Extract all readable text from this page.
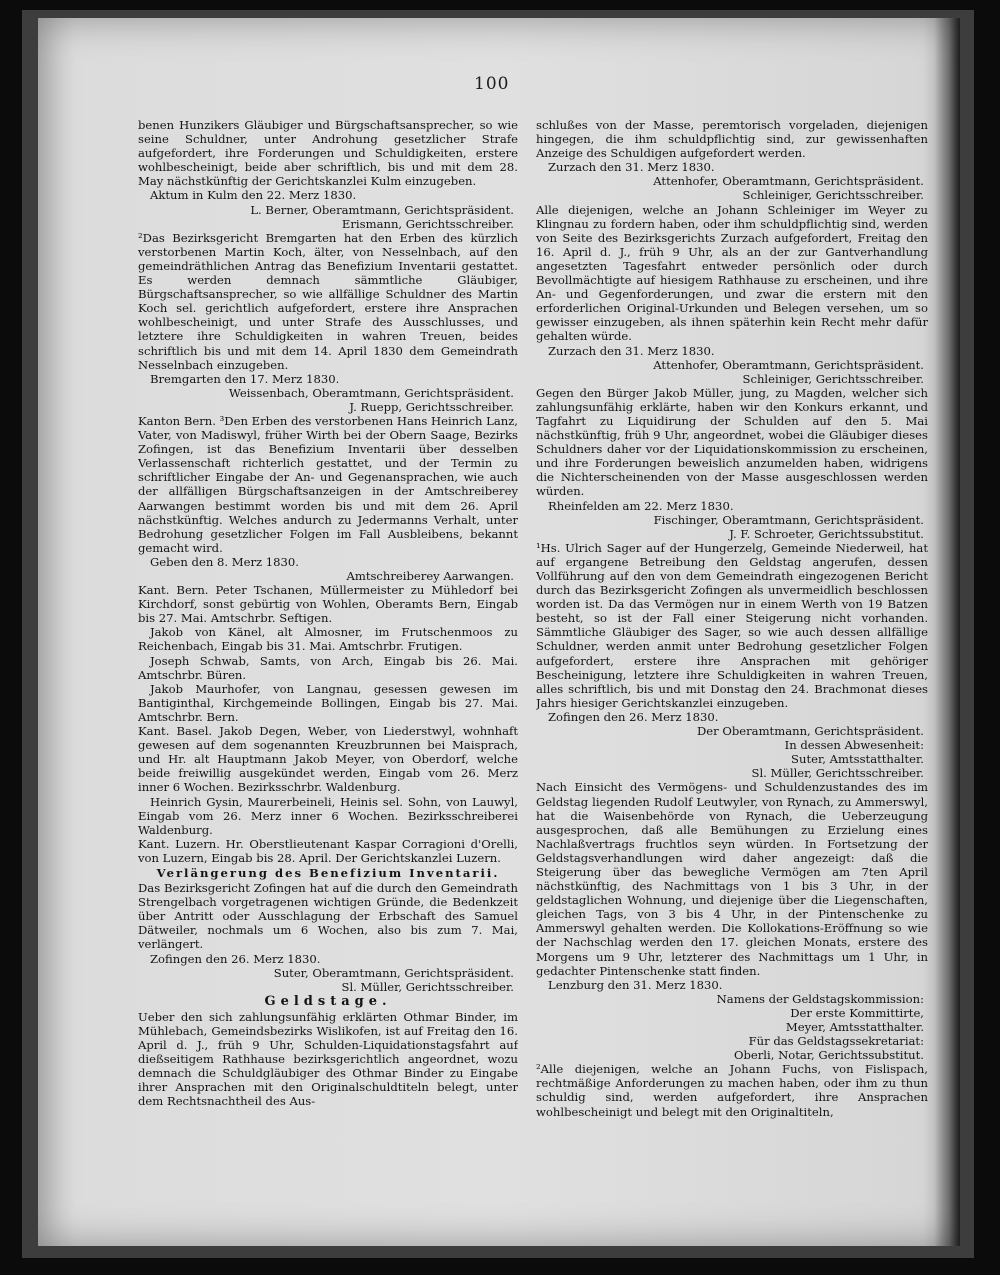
100

benen Hunzikers Gläubiger und Bürgschaftsansprecher, so wie seine Schuldner, unter Androhung gesetzlicher Strafe aufgefordert, ihre Forderungen und Schuldigkeiten, erstere wohlbescheinigt, beide aber schriftlich, bis und mit dem 28. May nächstkünftig der Gerichtskanzlei Kulm einzugeben.

Aktum in Kulm den 22. Merz 1830.

L. Berner, Oberamtmann, Gerichtspräsident.

Erismann, Gerichtsschreiber.

²Das Bezirksgericht Bremgarten hat den Erben des kürzlich verstorbenen Martin Koch, älter, von Nesselnbach, auf den gemeindräthlichen Antrag das Benefizium Inventarii gestattet. Es werden demnach sämmtliche Gläubiger, Bürgschaftsansprecher, so wie allfällige Schuldner des Martin Koch sel. gerichtlich aufgefordert, erstere ihre Ansprachen wohlbescheinigt, und unter Strafe des Ausschlusses, und letztere ihre Schuldigkeiten in wahren Treuen, beides schriftlich bis und mit dem 14. April 1830 dem Gemeindrath Nesselnbach einzugeben.

Bremgarten den 17. Merz 1830.

Weissenbach, Oberamtmann, Gerichtspräsident.

J. Ruepp, Gerichtsschreiber.

Kanton Bern. ³Den Erben des verstorbenen Hans Heinrich Lanz, Vater, von Madiswyl, früher Wirth bei der Obern Saage, Bezirks Zofingen, ist das Benefizium Inventarii über desselben Verlassenschaft richterlich gestattet, und der Termin zu schriftlicher Eingabe der An- und Gegenansprachen, wie auch der allfälligen Bürgschaftsanzeigen in der Amtschreiberey Aarwangen bestimmt worden bis und mit dem 26. April nächstkünftig. Welches andurch zu Jedermanns Verhalt, unter Bedrohung gesetzlicher Folgen im Fall Ausbleibens, bekannt gemacht wird.

Geben den 8. Merz 1830.

Amtschreiberey Aarwangen.

Kant. Bern. Peter Tschanen, Müllermeister zu Mühledorf bei Kirchdorf, sonst gebürtig von Wohlen, Oberamts Bern, Eingab bis 27. Mai. Amtschrbr. Seftigen.

Jakob von Känel, alt Almosner, im Frutschenmoos zu Reichenbach, Eingab bis 31. Mai. Amtschrbr. Frutigen.

Joseph Schwab, Samts, von Arch, Eingab bis 26. Mai. Amtschrbr. Büren.

Jakob Maurhofer, von Langnau, gesessen gewesen im Bantiginthal, Kirchgemeinde Bollingen, Eingab bis 27. Mai. Amtschrbr. Bern.

Kant. Basel. Jakob Degen, Weber, von Liederstwyl, wohnhaft gewesen auf dem sogenannten Kreuzbrunnen bei Maisprach, und Hr. alt Hauptmann Jakob Meyer, von Oberdorf, welche beide freiwillig ausgekündet werden, Eingab vom 26. Merz inner 6 Wochen. Bezirksschrbr. Waldenburg.

Heinrich Gysin, Maurerbeineli, Heinis sel. Sohn, von Lauwyl, Eingab vom 26. Merz inner 6 Wochen. Bezirksschreiberei Waldenburg.

Kant. Luzern. Hr. Oberstlieutenant Kaspar Corragioni d'Orelli, von Luzern, Eingab bis 28. April. Der Gerichtskanzlei Luzern.

Verlängerung des Benefizium Inventarii.

Das Bezirksgericht Zofingen hat auf die durch den Gemeindrath Strengelbach vorgetragenen wichtigen Gründe, die Bedenkzeit über Antritt oder Ausschlagung der Erbschaft des Samuel Dätweiler, nochmals um 6 Wochen, also bis zum 7. Mai, verlängert.

Zofingen den 26. Merz 1830.

Suter, Oberamtmann, Gerichtspräsident.

Sl. Müller, Gerichtsschreiber.

Geldstage.

Ueber den sich zahlungsunfähig erklärten Othmar Binder, im Mühlebach, Gemeindsbezirks Wislikofen, ist auf Freitag den 16. April d. J., früh 9 Uhr, Schulden-Liquidationstagsfahrt auf dießseitigem Rathhause bezirksgerichtlich angeordnet, wozu demnach die Schuldgläubiger des Othmar Binder zu Eingabe ihrer Ansprachen mit den Originalschuldtiteln belegt, unter dem Rechtsnachtheil des Aus-

schlußes von der Masse, peremtorisch vorgeladen, diejenigen hingegen, die ihm schuldpflichtig sind, zur gewissenhaften Anzeige des Schuldigen aufgefordert werden.

Zurzach den 31. Merz 1830.

Attenhofer, Oberamtmann, Gerichtspräsident.

Schleiniger, Gerichtsschreiber.

Alle diejenigen, welche an Johann Schleiniger im Weyer zu Klingnau zu fordern haben, oder ihm schuldpflichtig sind, werden von Seite des Bezirksgerichts Zurzach aufgefordert, Freitag den 16. April d. J., früh 9 Uhr, als an der zur Gantverhandlung angesetzten Tagesfahrt entweder persönlich oder durch Bevollmächtigte auf hiesigem Rathhause zu erscheinen, und ihre An- und Gegenforderungen, und zwar die erstern mit den erforderlichen Original-Urkunden und Belegen versehen, um so gewisser einzugeben, als ihnen späterhin kein Recht mehr dafür gehalten würde.

Zurzach den 31. Merz 1830.

Attenhofer, Oberamtmann, Gerichtspräsident.

Schleiniger, Gerichtsschreiber.

Gegen den Bürger Jakob Müller, jung, zu Magden, welcher sich zahlungsunfähig erklärte, haben wir den Konkurs erkannt, und Tagfahrt zu Liquidirung der Schulden auf den 5. Mai nächstkünftig, früh 9 Uhr, angeordnet, wobei die Gläubiger dieses Schuldners daher vor der Liquidationskommission zu erscheinen, und ihre Forderungen beweislich anzumelden haben, widrigens die Nichterscheinenden von der Masse ausgeschlossen werden würden.

Rheinfelden am 22. Merz 1830.

Fischinger, Oberamtmann, Gerichtspräsident.

J. F. Schroeter, Gerichtssubstitut.

¹Hs. Ulrich Sager auf der Hungerzelg, Gemeinde Niederweil, hat auf ergangene Betreibung den Geldstag angerufen, dessen Vollführung auf den von dem Gemeindrath eingezogenen Bericht durch das Bezirksgericht Zofingen als unvermeidlich beschlossen worden ist. Da das Vermögen nur in einem Werth von 19 Batzen besteht, so ist der Fall einer Steigerung nicht vorhanden. Sämmtliche Gläubiger des Sager, so wie auch dessen allfällige Schuldner, werden anmit unter Bedrohung gesetzlicher Folgen aufgefordert, erstere ihre Ansprachen mit gehöriger Bescheinigung, letztere ihre Schuldigkeiten in wahren Treuen, alles schriftlich, bis und mit Donstag den 24. Brachmonat dieses Jahrs hiesiger Gerichtskanzlei einzugeben.

Zofingen den 26. Merz 1830.

Der Oberamtmann, Gerichtspräsident.

In dessen Abwesenheit:

Suter, Amtsstatthalter.

Sl. Müller, Gerichtsschreiber.

Nach Einsicht des Vermögens- und Schuldenzustandes des im Geldstag liegenden Rudolf Leutwyler, von Rynach, zu Ammerswyl, hat die Waisenbehörde von Rynach, die Ueberzeugung ausgesprochen, daß alle Bemühungen zu Erzielung eines Nachlaßvertrags fruchtlos seyn würden. In Fortsetzung der Geldstagsverhandlungen wird daher angezeigt: daß die Steigerung über das bewegliche Vermögen am 7ten April nächstkünftig, des Nachmittags von 1 bis 3 Uhr, in der geldstaglichen Wohnung, und diejenige über die Liegenschaften, gleichen Tags, von 3 bis 4 Uhr, in der Pintenschenke zu Ammerswyl gehalten werden. Die Kollokations-Eröffnung so wie der Nachschlag werden den 17. gleichen Monats, erstere des Morgens um 9 Uhr, letzterer des Nachmittags um 1 Uhr, in gedachter Pintenschenke statt finden.

Lenzburg den 31. Merz 1830.

Namens der Geldstagskommission:

Der erste Kommittirte,

Meyer, Amtsstatthalter.

Für das Geldstagssekretariat:

Oberli, Notar, Gerichtssubstitut.

²Alle diejenigen, welche an Johann Fuchs, von Fislispach, rechtmäßige Anforderungen zu machen haben, oder ihm zu thun schuldig sind, werden aufgefordert, ihre Ansprachen wohlbescheinigt und belegt mit den Originaltiteln,
